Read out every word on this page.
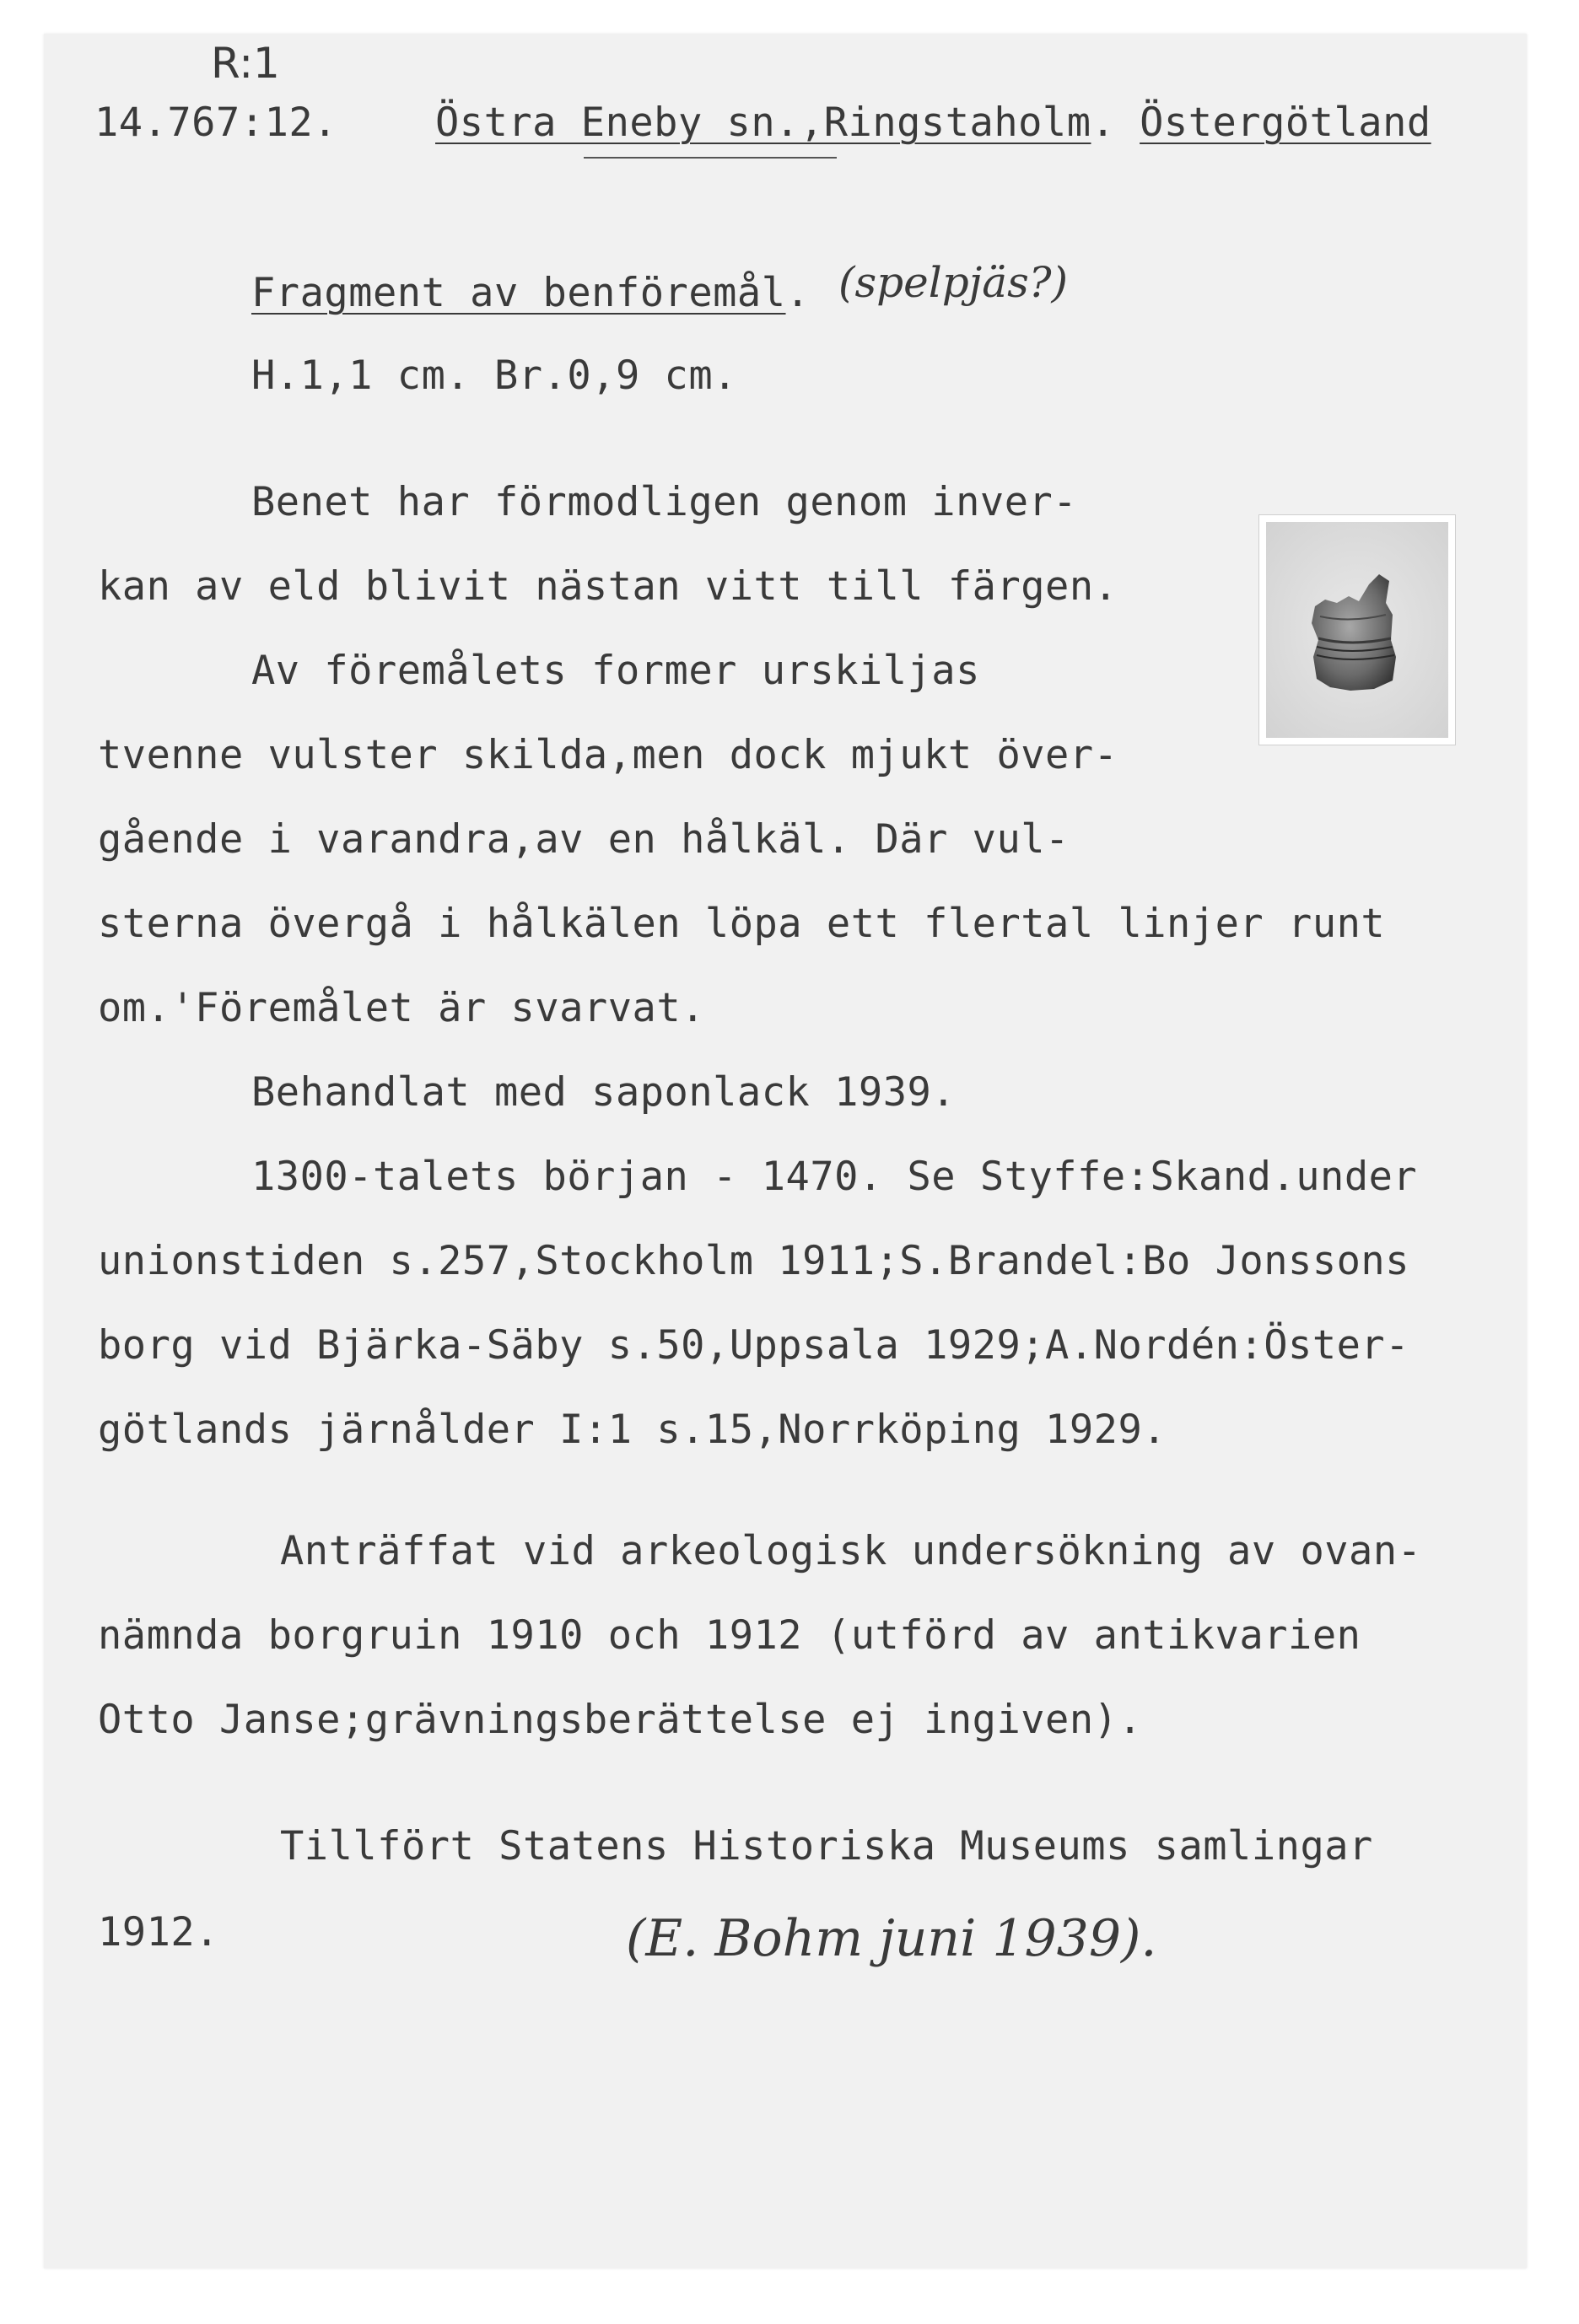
R:1
14.767:12. Östra Eneby sn.,Ringstaholm. Östergötland
Fragment av benföremål. (spelpjäs?)
H.1,1 cm. Br.0,9 cm.

Benet har förmodligen genom inver-

kan av eld blivit nästan vitt till färgen.

Av föremålets former urskiljas

tvenne vulster skilda,men dock mjukt över-

gående i varandra,av en hålkäl. Där vul-

sterna övergå i hålkälen löpa ett flertal linjer runt

om.'Föremålet är svarvat.

Behandlat med saponlack 1939.

1300-talets början - 1470. Se Styffe:Skand.under

unionstiden s.257,Stockholm 1911;S.Brandel:Bo Jonssons

borg vid Bjärka-Säby s.50,Uppsala 1929;A.Nordén:Öster-

götlands järnålder I:1 s.15,Norrköping 1929.

Anträffat vid arkeologisk undersökning av ovan-

nämnda borgruin 1910 och 1912 (utförd av antikvarien

Otto Janse;grävningsberättelse ej ingiven).

Tillfört Statens Historiska Museums samlingar

1912.	(E. Bohm juni 1939).
